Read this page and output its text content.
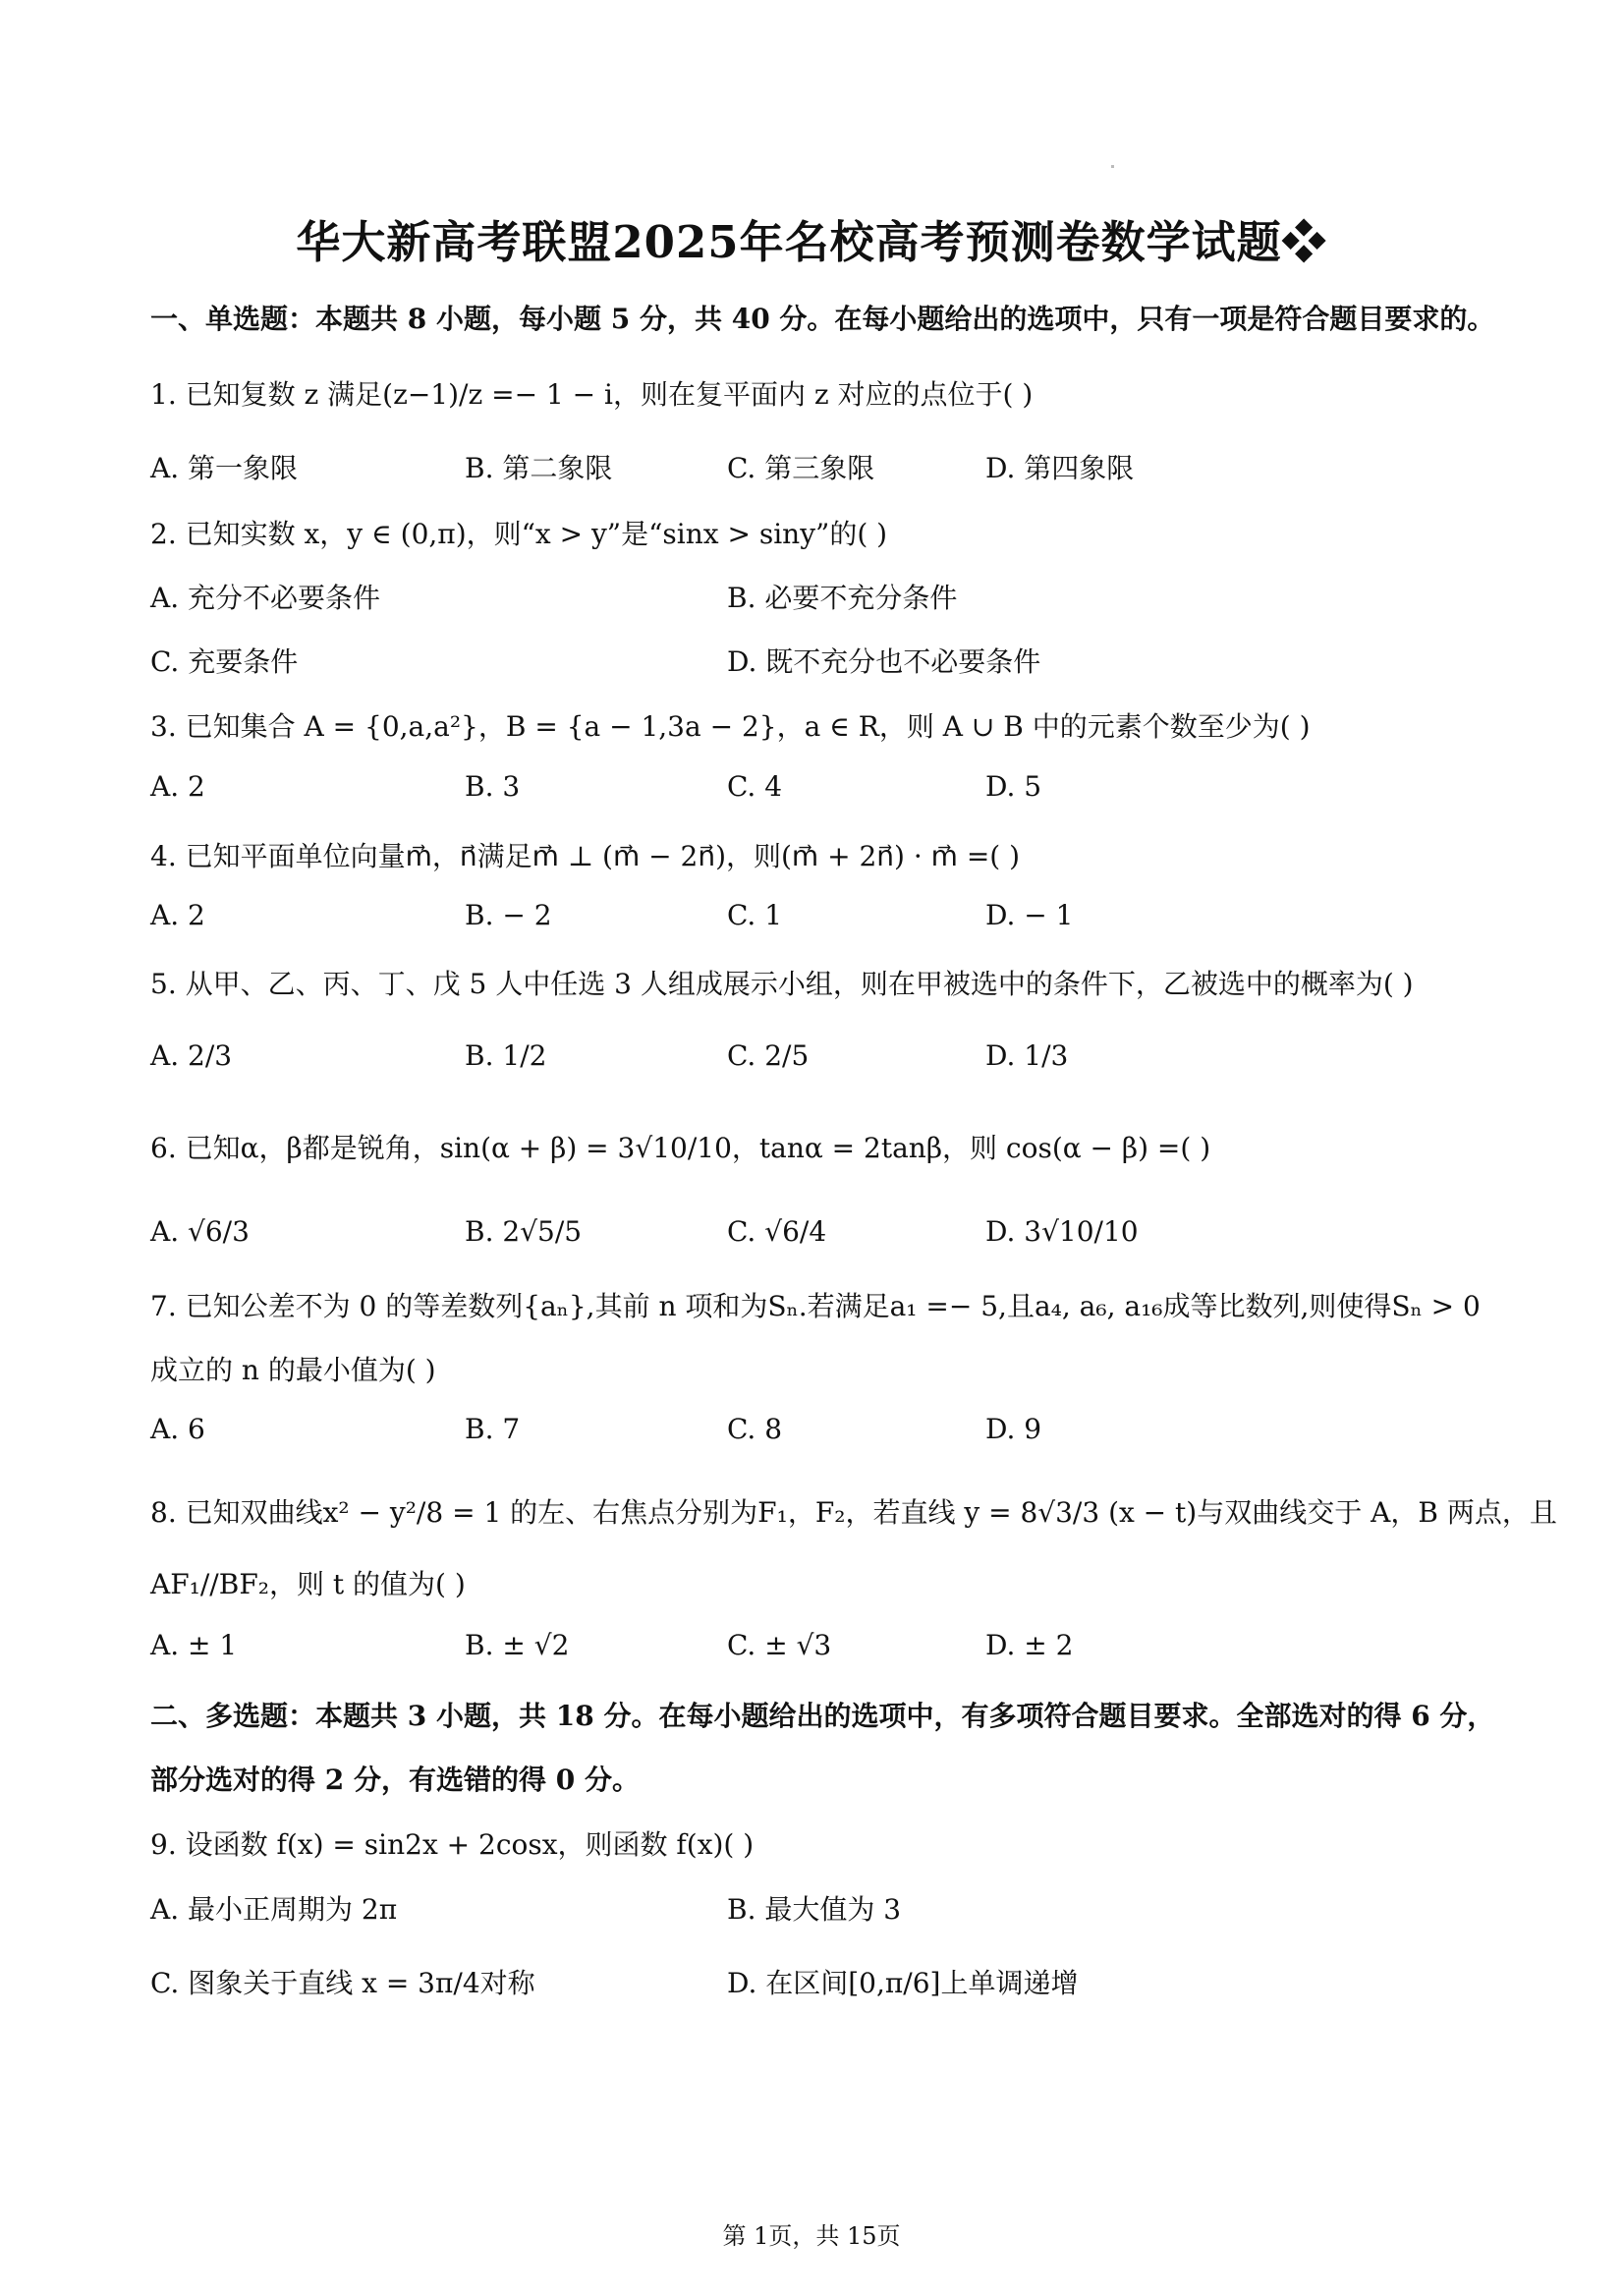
华大新高考联盟2025年名校高考预测卷数学试题❖
一、单选题：本题共 8 小题，每小题 5 分，共 40 分。在每小题给出的选项中，只有一项是符合题目要求的。
1. 已知复数 z 满足(z−1)/z =− 1 − i，则在复平面内 z 对应的点位于( )
A. 第一象限	B. 第二象限	C. 第三象限	D. 第四象限
2. 已知实数 x，y ∈ (0,π)，则“x > y”是“sinx > siny”的( )
A. 充分不必要条件	B. 必要不充分条件
C. 充要条件	D. 既不充分也不必要条件
3. 已知集合 A = {0,a,a²}，B = {a − 1,3a − 2}，a ∈ R，则 A ∪ B 中的元素个数至少为( )
A. 2	B. 3	C. 4	D. 5
4. 已知平面单位向量m⃗，n⃗满足m⃗ ⊥ (m⃗ − 2n⃗)，则(m⃗ + 2n⃗) · m⃗ =( )
A. 2	B. − 2	C. 1	D. − 1
5. 从甲、乙、丙、丁、戊 5 人中任选 3 人组成展示小组，则在甲被选中的条件下，乙被选中的概率为( )
A. 2/3	B. 1/2	C. 2/5	D. 1/3
6. 已知α，β都是锐角，sin(α + β) = 3√10/10，tanα = 2tanβ，则 cos(α − β) =( )
A. √6/3	B. 2√5/5	C. √6/4	D. 3√10/10
7. 已知公差不为 0 的等差数列{aₙ},其前 n 项和为Sₙ.若满足a₁ =− 5,且a₄, a₆, a₁₆成等比数列,则使得Sₙ > 0
成立的 n 的最小值为( )
A. 6	B. 7	C. 8	D. 9
8. 已知双曲线x² − y²/8 = 1 的左、右焦点分别为F₁，F₂，若直线 y = 8√3/3 (x − t)与双曲线交于 A，B 两点，且
AF₁//BF₂，则 t 的值为( )
A. ± 1	B. ± √2	C. ± √3	D. ± 2
二、多选题：本题共 3 小题，共 18 分。在每小题给出的选项中，有多项符合题目要求。全部选对的得 6 分，
部分选对的得 2 分，有选错的得 0 分。
9. 设函数 f(x) = sin2x + 2cosx，则函数 f(x)( )
A. 最小正周期为 2π	B. 最大值为 3
C. 图象关于直线 x = 3π/4对称	D. 在区间[0,π/6]上单调递增
第 1页，共 15页
